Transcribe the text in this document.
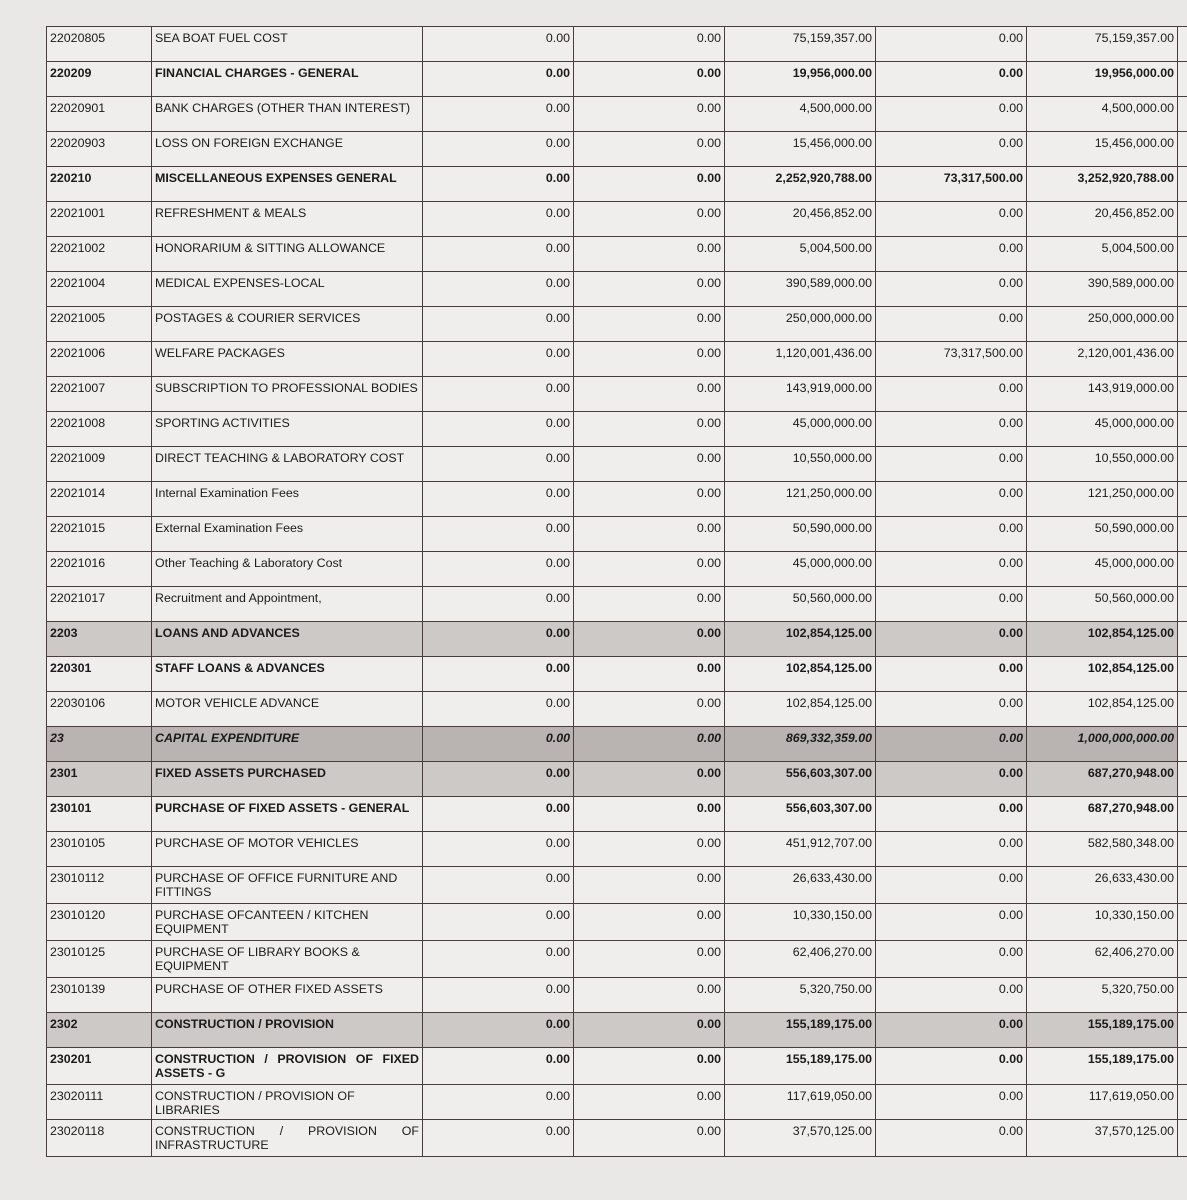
22020805	SEA BOAT FUEL COST	0.00	0.00	75,159,357.00	0.00	75,159,357.00	
220209	FINANCIAL CHARGES - GENERAL	0.00	0.00	19,956,000.00	0.00	19,956,000.00	
22020901	BANK CHARGES (OTHER THAN INTEREST)	0.00	0.00	4,500,000.00	0.00	4,500,000.00	
22020903	LOSS ON FOREIGN EXCHANGE	0.00	0.00	15,456,000.00	0.00	15,456,000.00	
220210	MISCELLANEOUS EXPENSES GENERAL	0.00	0.00	2,252,920,788.00	73,317,500.00	3,252,920,788.00	
22021001	REFRESHMENT & MEALS	0.00	0.00	20,456,852.00	0.00	20,456,852.00	
22021002	HONORARIUM & SITTING ALLOWANCE	0.00	0.00	5,004,500.00	0.00	5,004,500.00	
22021004	MEDICAL EXPENSES-LOCAL	0.00	0.00	390,589,000.00	0.00	390,589,000.00	
22021005	POSTAGES & COURIER SERVICES	0.00	0.00	250,000,000.00	0.00	250,000,000.00	
22021006	WELFARE PACKAGES	0.00	0.00	1,120,001,436.00	73,317,500.00	2,120,001,436.00	
22021007	SUBSCRIPTION TO PROFESSIONAL BODIES	0.00	0.00	143,919,000.00	0.00	143,919,000.00	
22021008	SPORTING ACTIVITIES	0.00	0.00	45,000,000.00	0.00	45,000,000.00	
22021009	DIRECT TEACHING & LABORATORY COST	0.00	0.00	10,550,000.00	0.00	10,550,000.00	
22021014	Internal Examination Fees	0.00	0.00	121,250,000.00	0.00	121,250,000.00	
22021015	External Examination Fees	0.00	0.00	50,590,000.00	0.00	50,590,000.00	
22021016	Other Teaching & Laboratory Cost	0.00	0.00	45,000,000.00	0.00	45,000,000.00	
22021017	Recruitment and Appointment,	0.00	0.00	50,560,000.00	0.00	50,560,000.00	
2203	LOANS AND ADVANCES	0.00	0.00	102,854,125.00	0.00	102,854,125.00	
220301	STAFF LOANS & ADVANCES	0.00	0.00	102,854,125.00	0.00	102,854,125.00	
22030106	MOTOR VEHICLE ADVANCE	0.00	0.00	102,854,125.00	0.00	102,854,125.00	
23	CAPITAL EXPENDITURE	0.00	0.00	869,332,359.00	0.00	1,000,000,000.00	
2301	FIXED ASSETS PURCHASED	0.00	0.00	556,603,307.00	0.00	687,270,948.00	
230101	PURCHASE OF FIXED ASSETS - GENERAL	0.00	0.00	556,603,307.00	0.00	687,270,948.00	
23010105	PURCHASE OF MOTOR VEHICLES	0.00	0.00	451,912,707.00	0.00	582,580,348.00	
23010112	PURCHASE OF OFFICE FURNITURE AND FITTINGS	0.00	0.00	26,633,430.00	0.00	26,633,430.00	
23010120	PURCHASE OFCANTEEN / KITCHEN EQUIPMENT	0.00	0.00	10,330,150.00	0.00	10,330,150.00	
23010125	PURCHASE OF LIBRARY BOOKS & EQUIPMENT	0.00	0.00	62,406,270.00	0.00	62,406,270.00	
23010139	PURCHASE OF OTHER FIXED ASSETS	0.00	0.00	5,320,750.00	0.00	5,320,750.00	
2302	CONSTRUCTION / PROVISION	0.00	0.00	155,189,175.00	0.00	155,189,175.00	
230201	CONSTRUCTION / PROVISION OF FIXED ASSETS - G	0.00	0.00	155,189,175.00	0.00	155,189,175.00	
23020111	CONSTRUCTION / PROVISION OF LIBRARIES	0.00	0.00	117,619,050.00	0.00	117,619,050.00	
23020118	CONSTRUCTION / PROVISION OF INFRASTRUCTURE	0.00	0.00	37,570,125.00	0.00	37,570,125.00	
